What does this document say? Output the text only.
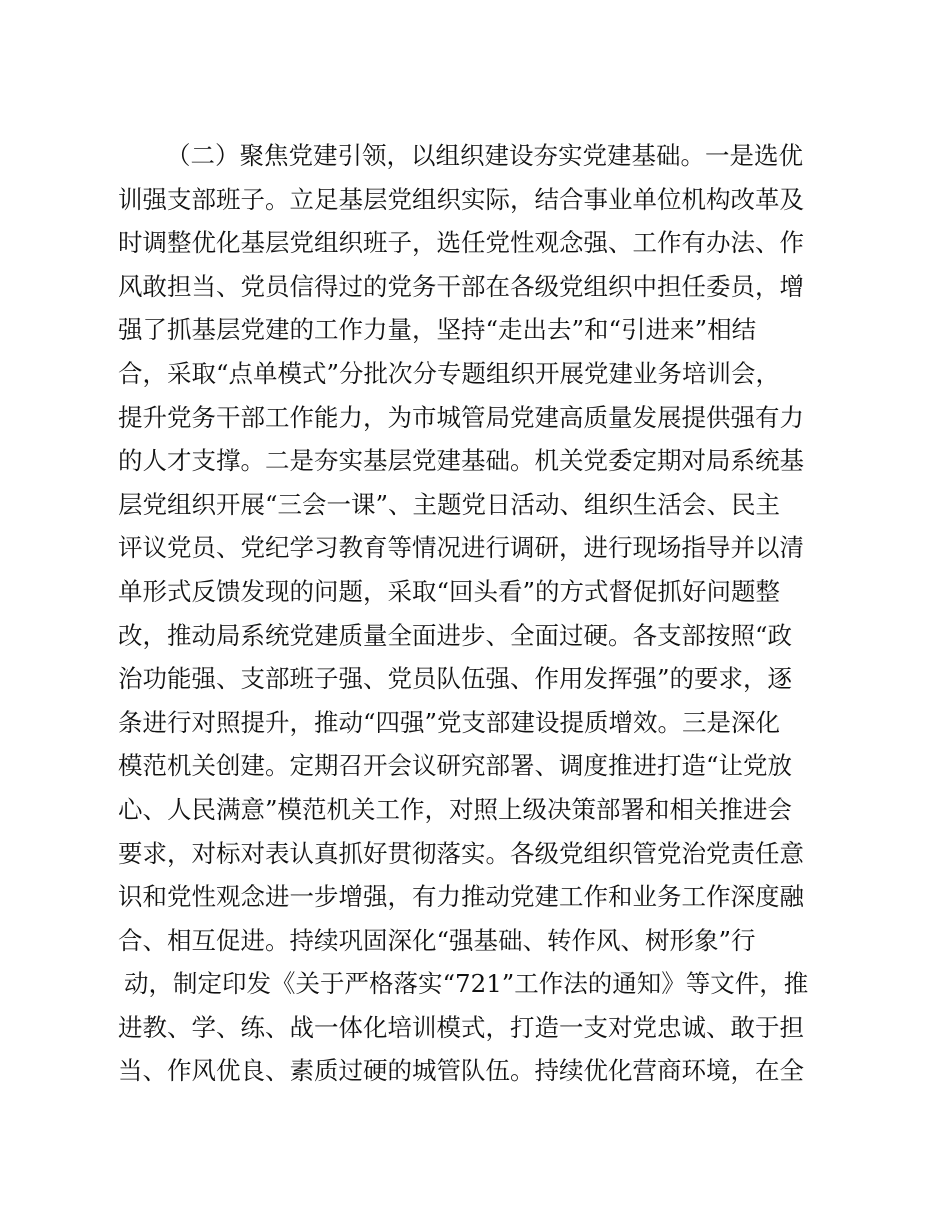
（二）聚焦党建引领，以组织建设夯实党建基础。一是选优
训强支部班子。立足基层党组织实际，结合事业单位机构改革及
时调整优化基层党组织班子，选任党性观念强、工作有办法、作
风敢担当、党员信得过的党务干部在各级党组织中担任委员，增
强了抓基层党建的工作力量，坚持“走出去”和“引进来”相结
合，采取“点单模式”分批次分专题组织开展党建业务培训会，
提升党务干部工作能力，为市城管局党建高质量发展提供强有力
的人才支撑。二是夯实基层党建基础。机关党委定期对局系统基
层党组织开展“三会一课”、主题党日活动、组织生活会、民主
评议党员、党纪学习教育等情况进行调研，进行现场指导并以清
单形式反馈发现的问题，采取“回头看”的方式督促抓好问题整
改，推动局系统党建质量全面进步、全面过硬。各支部按照“政
治功能强、支部班子强、党员队伍强、作用发挥强”的要求，逐
条进行对照提升，推动“四强”党支部建设提质增效。三是深化
模范机关创建。定期召开会议研究部署、调度推进打造“让党放
心、人民满意”模范机关工作，对照上级决策部署和相关推进会
要求，对标对表认真抓好贯彻落实。各级党组织管党治党责任意
识和党性观念进一步增强，有力推动党建工作和业务工作深度融
合、相互促进。持续巩固深化“强基础、转作风、树形象”行
动，制定印发《关于严格落实“721”工作法的通知》等文件，推
进教、学、练、战一体化培训模式，打造一支对党忠诚、敢于担
当、作风优良、素质过硬的城管队伍。持续优化营商环境，在全
